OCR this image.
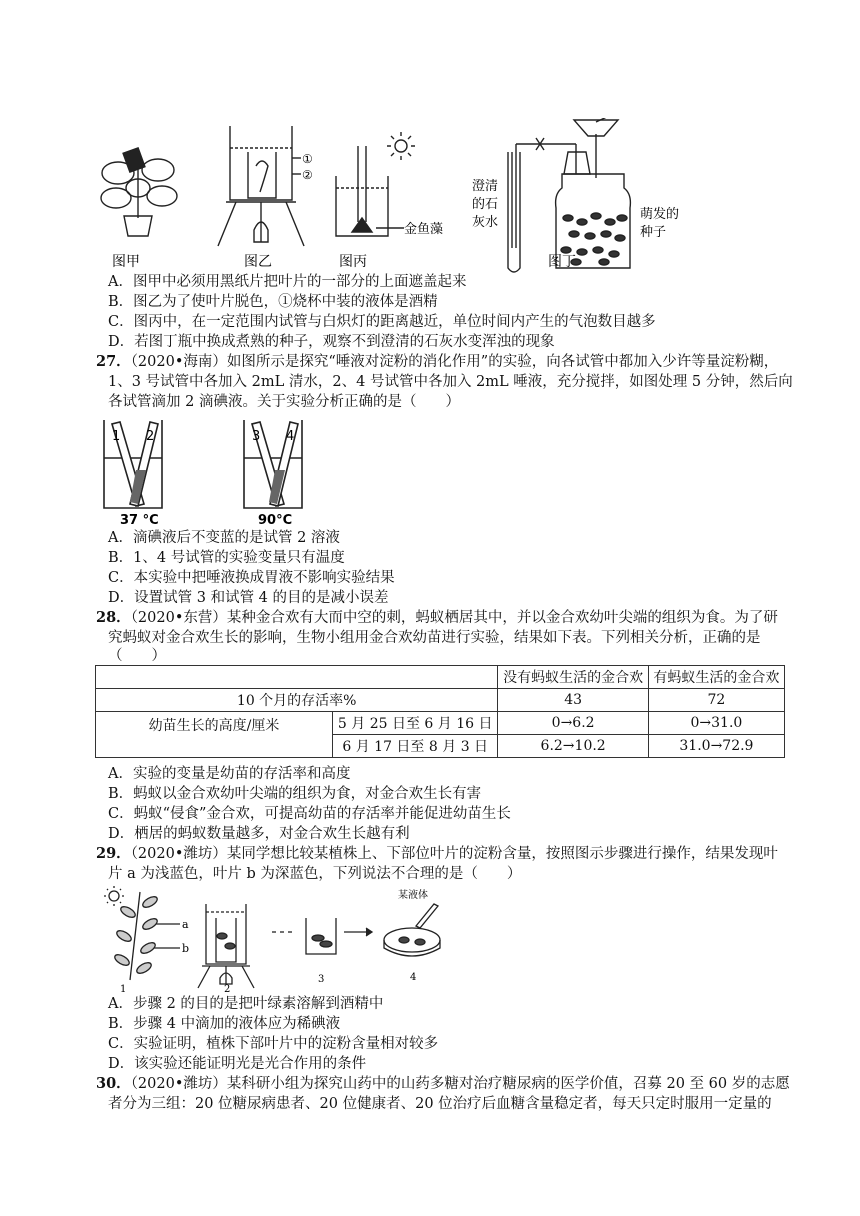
图甲
①
②
图乙
金鱼藻
图丙
澄清
的石
灰水
萌发的
种子
图丁
A．图甲中必须用黑纸片把叶片的一部分的上面遮盖起来
B．图乙为了使叶片脱色，①烧杯中装的液体是酒精
C．图丙中，在一定范围内试管与白炽灯的距离越近，单位时间内产生的气泡数目越多
D．若图丁瓶中换成煮熟的种子，观察不到澄清的石灰水变浑浊的现象
27．（2020•海南）如图所示是探究“唾液对淀粉的消化作用”的实验，向各试管中都加入少许等量淀粉糊，
1、3 号试管中各加入 2mL 清水，2、4 号试管中各加入 2mL 唾液，充分搅拌，如图处理 5 分钟，然后向
各试管滴加 2 滴碘液。关于实验分析正确的是（　　）
1 2	3 4
37 °C	90°C
A．滴碘液后不变蓝的是试管 2 溶液
B．1、4 号试管的实验变量只有温度
C．本实验中把唾液换成胃液不影响实验结果
D．设置试管 3 和试管 4 的目的是减小误差
28．（2020•东营）某种金合欢有大而中空的刺，蚂蚁栖居其中，并以金合欢幼叶尖端的组织为食。为了研
究蚂蚁对金合欢生长的影响，生物小组用金合欢幼苗进行实验，结果如下表。下列相关分析，正确的是
（　　）
		没有蚂蚁生活的金合欢	有蚂蚁生活的金合欢
10 个月的存活率%		43	72
幼苗生长的高度/厘米	5 月 25 日至 6 月 16 日	0→6.2	0→31.0
	6 月 17 日至 8 月 3 日	6.2→10.2	31.0→72.9
A．实验的变量是幼苗的存活率和高度
B．蚂蚁以金合欢幼叶尖端的组织为食，对金合欢生长有害
C．蚂蚁“侵食”金合欢，可提高幼苗的存活率并能促进幼苗生长
D．栖居的蚂蚁数量越多，对金合欢生长越有利
29．（2020•潍坊）某同学想比较某植株上、下部位叶片的淀粉含量，按照图示步骤进行操作，结果发现叶
片 a 为浅蓝色，叶片 b 为深蓝色，下列说法不合理的是（　　）
a
b
某液体
1	2
3	4
A．步骤 2 的目的是把叶绿素溶解到酒精中
B．步骤 4 中滴加的液体应为稀碘液
C．实验证明，植株下部叶片中的淀粉含量相对较多
D．该实验还能证明光是光合作用的条件
30．（2020•潍坊）某科研小组为探究山药中的山药多糖对治疗糖尿病的医学价值，召募 20 至 60 岁的志愿
者分为三组：20 位糖尿病患者、20 位健康者、20 位治疗后血糖含量稳定者，每天只定时服用一定量的
